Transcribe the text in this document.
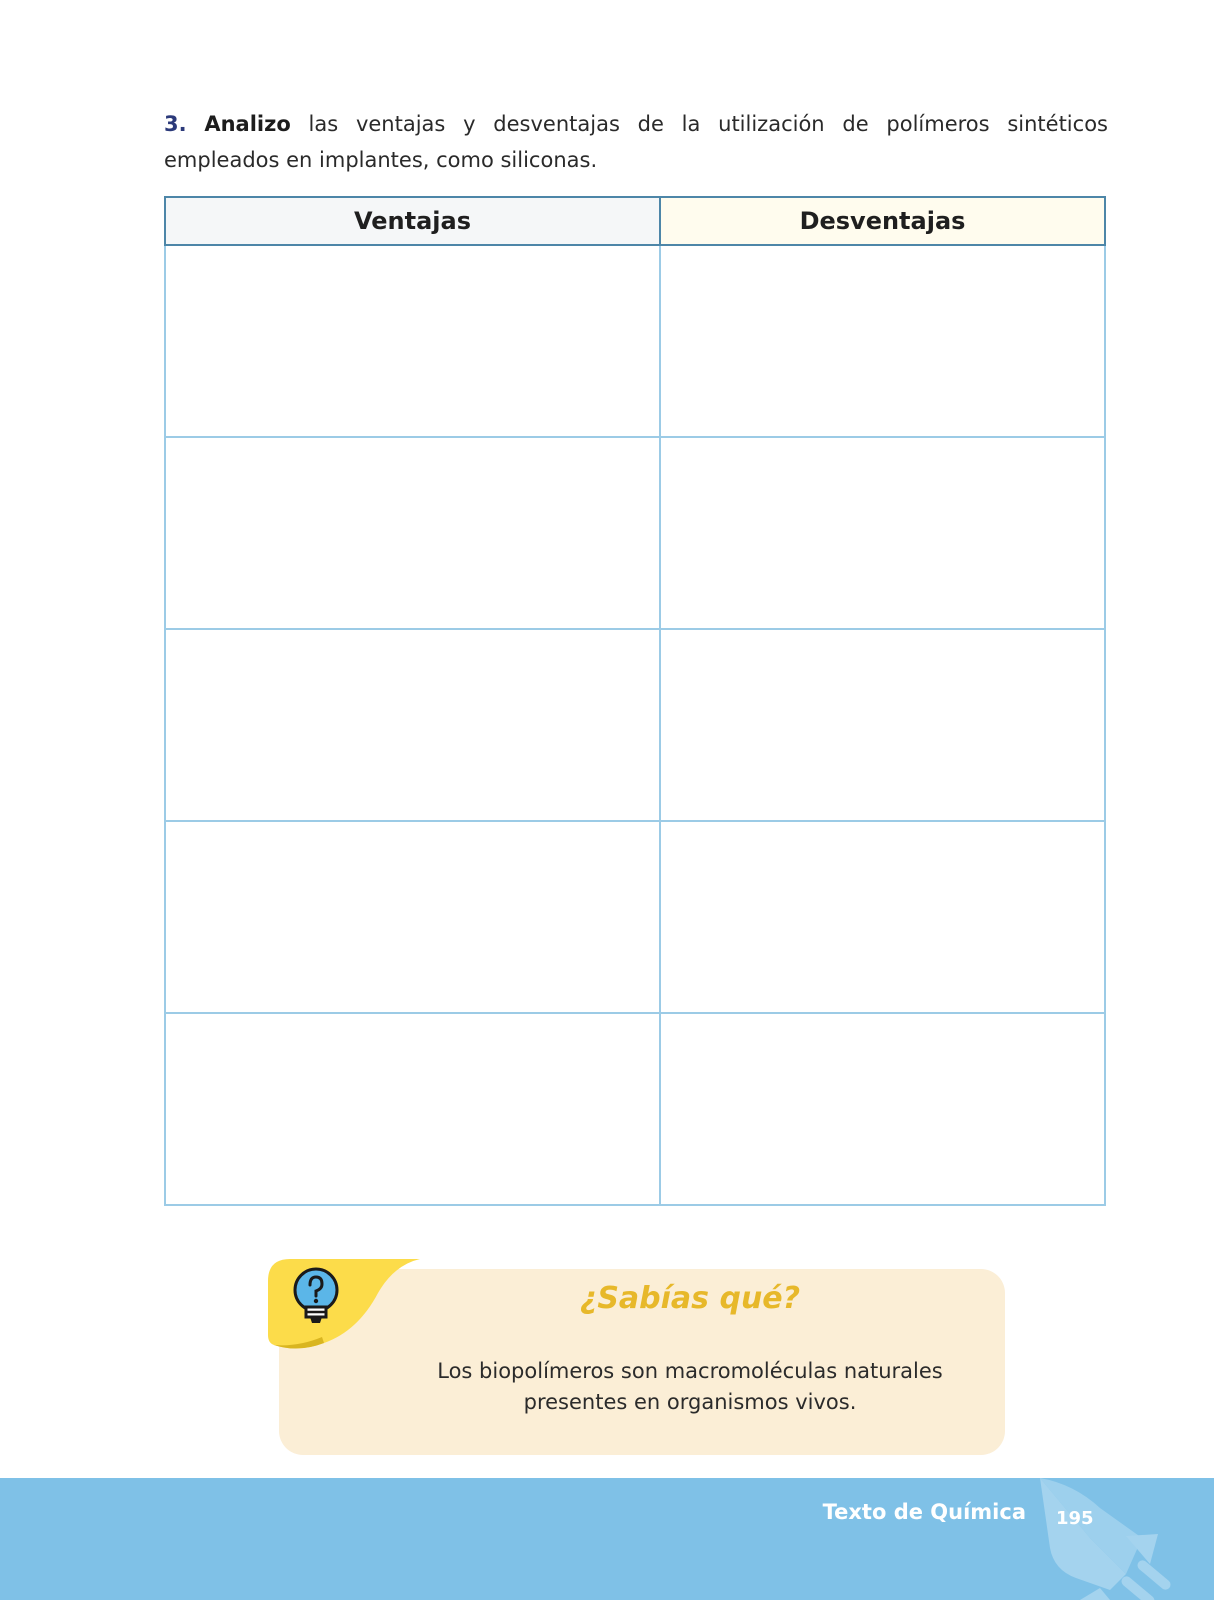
3. Analizo las ventajas y desventajas de la utilización de polímeros sintéticos empleados en implantes, como siliconas.

Ventajas	Desventajas

¿Sabías qué?
Los biopolímeros son macromoléculas naturales
presentes en organismos vivos.
Texto de Química 195
